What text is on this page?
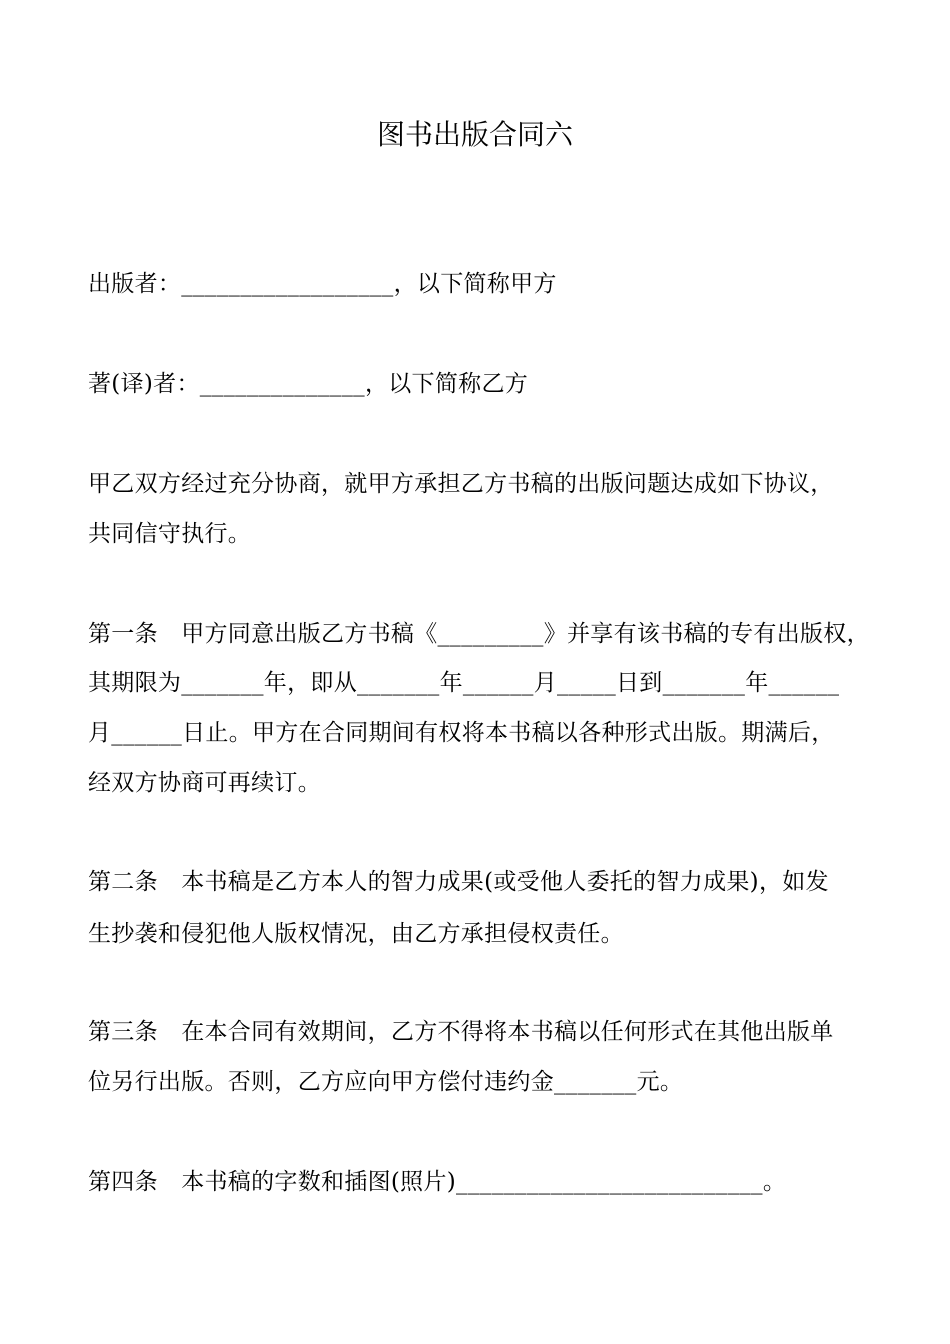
图书出版合同六
出版者：__________________，以下简称甲方
著(译)者：______________，以下简称乙方
甲乙双方经过充分协商，就甲方承担乙方书稿的出版问题达成如下协议，
共同信守执行。
第一条　甲方同意出版乙方书稿《_________》并享有该书稿的专有出版权，
其期限为_______年，即从_______年______月_____日到_______年______
月______日止。甲方在合同期间有权将本书稿以各种形式出版。期满后，
经双方协商可再续订。
第二条　本书稿是乙方本人的智力成果(或受他人委托的智力成果)，如发
生抄袭和侵犯他人版权情况，由乙方承担侵权责任。
第三条　在本合同有效期间，乙方不得将本书稿以任何形式在其他出版单
位另行出版。否则，乙方应向甲方偿付违约金_______元。
第四条　本书稿的字数和插图(照片)__________________________。
